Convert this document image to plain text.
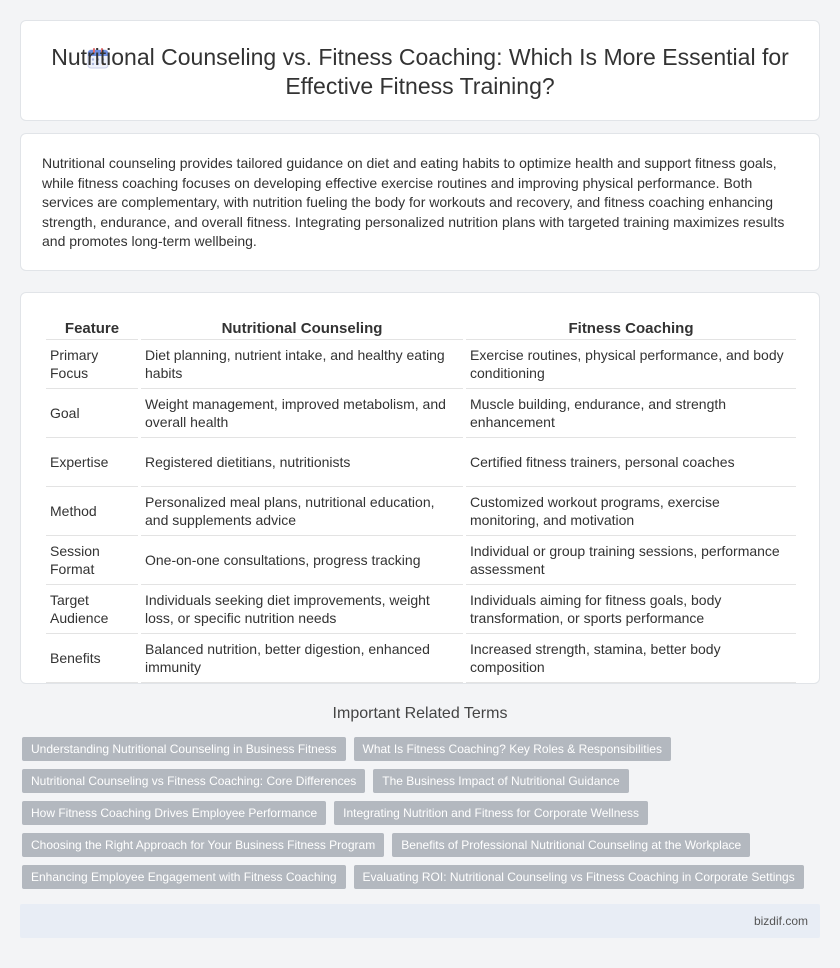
Nutritional Counseling vs. Fitness Coaching: Which Is More Essential for Effective Fitness Training?

Nutritional counseling provides tailored guidance on diet and eating habits to optimize health and support fitness goals, while fitness coaching focuses on developing effective exercise routines and improving physical performance. Both services are complementary, with nutrition fueling the body for workouts and recovery, and fitness coaching enhancing strength, endurance, and overall fitness. Integrating personalized nutrition plans with targeted training maximizes results and promotes long-term wellbeing.

Feature	Nutritional Counseling	Fitness Coaching
Primary Focus	Diet planning, nutrient intake, and healthy eating habits	Exercise routines, physical performance, and body conditioning
Goal	Weight management, improved metabolism, and overall health	Muscle building, endurance, and strength enhancement
Expertise	Registered dietitians, nutritionists	Certified fitness trainers, personal coaches
Method	Personalized meal plans, nutritional education, and supplements advice	Customized workout programs, exercise monitoring, and motivation
Session Format	One-on-one consultations, progress tracking	Individual or group training sessions, performance assessment
Target Audience	Individuals seeking diet improvements, weight loss, or specific nutrition needs	Individuals aiming for fitness goals, body transformation, or sports performance
Benefits	Balanced nutrition, better digestion, enhanced immunity	Increased strength, stamina, better body composition
Important Related Terms
Understanding Nutritional Counseling in Business Fitness	What Is Fitness Coaching? Key Roles & Responsibilities
Nutritional Counseling vs Fitness Coaching: Core Differences	The Business Impact of Nutritional Guidance
How Fitness Coaching Drives Employee Performance	Integrating Nutrition and Fitness for Corporate Wellness
Choosing the Right Approach for Your Business Fitness Program	Benefits of Professional Nutritional Counseling at the Workplace
Enhancing Employee Engagement with Fitness Coaching	Evaluating ROI: Nutritional Counseling vs Fitness Coaching in Corporate Settings
bizdif.com
